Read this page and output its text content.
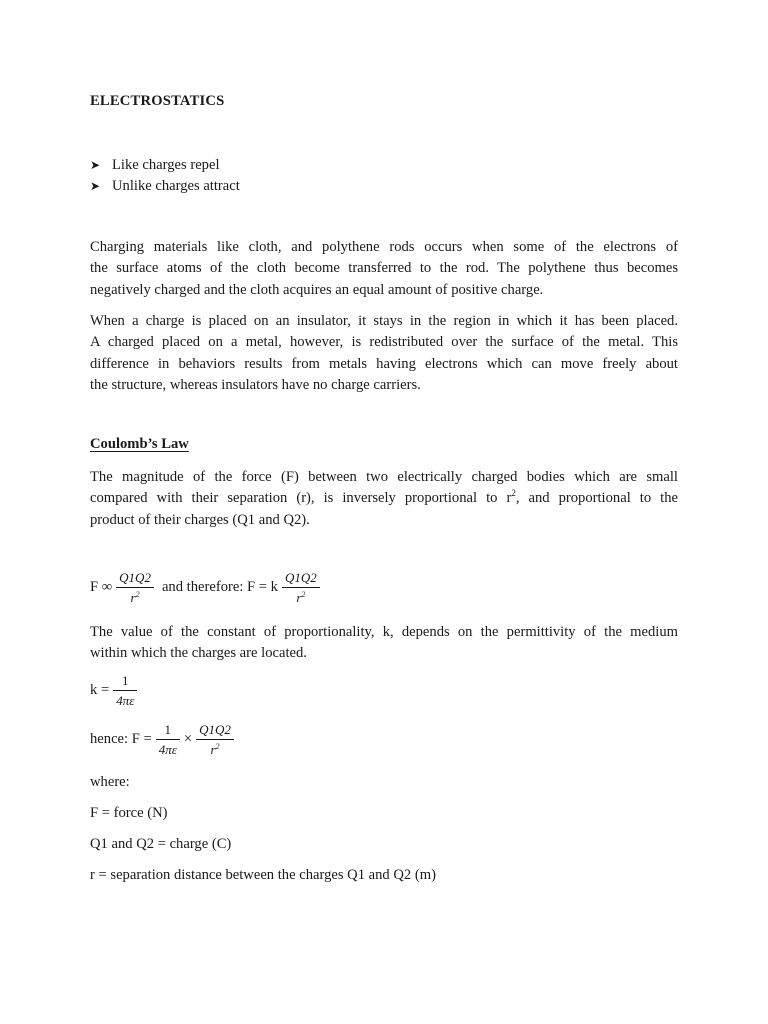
ELECTROSTATICS
➤ Like charges repel
➤ Unlike charges attract
Charging materials like cloth, and polythene rods occurs when some of the electrons of
the surface atoms of the cloth become transferred to the rod. The polythene thus becomes
negatively charged and the cloth acquires an equal amount of positive charge.
When a charge is placed on an insulator, it stays in the region in which it has been placed.
A charged placed on a metal, however, is redistributed over the surface of the metal. This
difference in behaviors results from metals having electrons which can move freely about
the structure, whereas insulators have no charge carriers.
Coulomb’s Law
The magnitude of the force (F) between two electrically charged bodies which are small
compared with their separation (r), is inversely proportional to $r^2$, and proportional to the
product of their charges (Q1 and Q2).
F ∞ $\frac{Q1Q2}{r^2}$ and therefore: F = k $\frac{Q1Q2}{r^2}$
The value of the constant of proportionality, k, depends on the permittivity of the medium
within which the charges are located.
$k = \frac{1}{4\pi\varepsilon}$
hence: $F = \frac{1}{4\pi\varepsilon} \times \frac{Q1Q2}{r^2}$
where:
F = force (N)
Q1 and Q2 = charge (C)
r = separation distance between the charges Q1 and Q2 (m)
